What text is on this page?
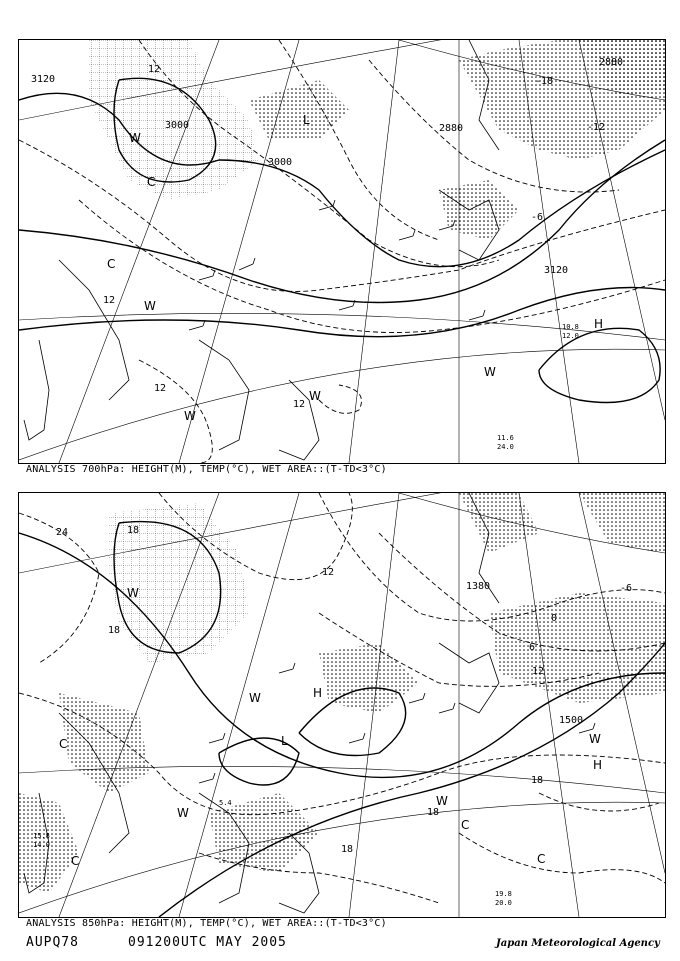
3120
3000
3000
2880
2880
3120
12
12
12
12
-6
-12
-18
W
W
W
W
H
C
C
W
L
11.6
24.0
10.8
12.0
ANALYSIS 700hPa: HEIGHT(M), TEMP(°C), WET AREA::(T-TD<3°C)
24	18
18
12
6
0
-6
12
18
18
1500
1380
18
W
W
W
C
C
C
C
L
H
W
W
H
15.8
14.0
5.4
19.8
20.0
ANALYSIS 850hPa: HEIGHT(M), TEMP(°C), WET AREA::(T-TD<3°C)
AUPQ78	091200UTC MAY 2005	Japan Meteorological Agency
